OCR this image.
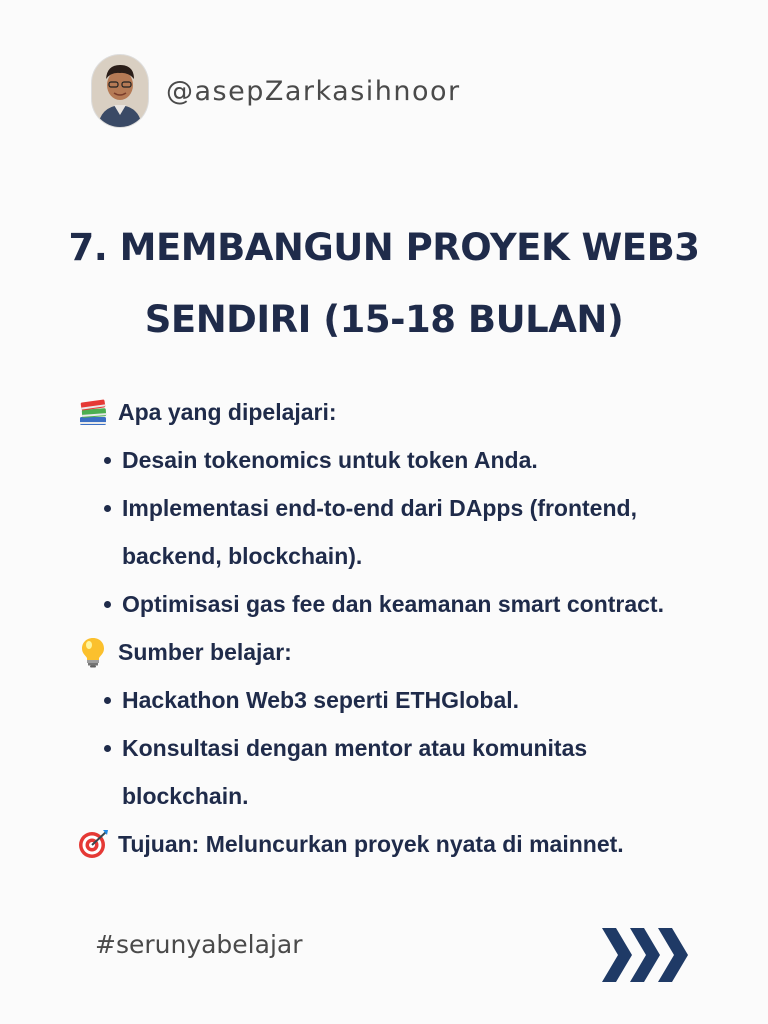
@asepZarkasihnoor
7. MEMBANGUN PROYEK WEB3
SENDIRI (15-18 BULAN)
Apa yang dipelajari:
Desain tokenomics untuk token Anda.
Implementasi end-to-end dari DApps (frontend, backend, blockchain).
Optimisasi gas fee dan keamanan smart contract.
Sumber belajar:
Hackathon Web3 seperti ETHGlobal.
Konsultasi dengan mentor atau komunitas blockchain.
Tujuan: Meluncurkan proyek nyata di mainnet.
#serunyabelajar
